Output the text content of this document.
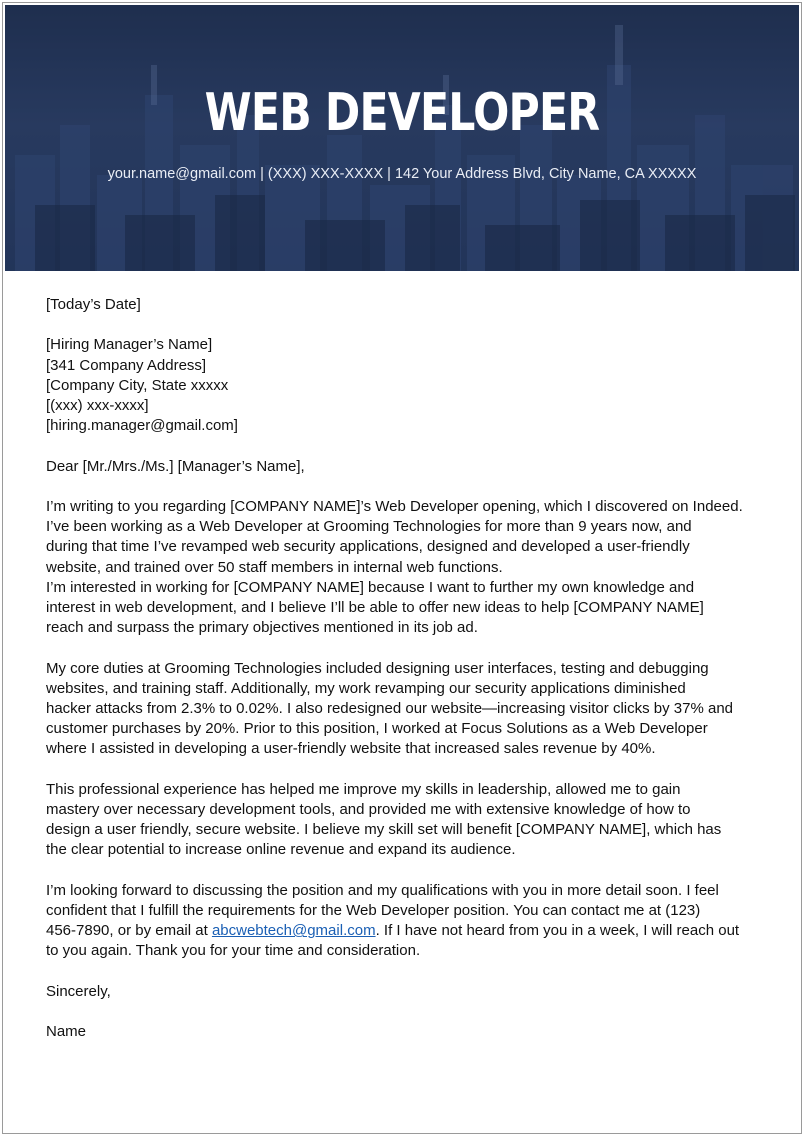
WEB DEVELOPER
your.name@gmail.com | (XXX) XXX-XXXX | 142 Your Address Blvd, City Name, CA XXXXX

[Today’s Date]

[Hiring Manager’s Name]
[341 Company Address]
[Company City, State xxxxx
[(xxx) xxx-xxxx]
[hiring.manager@gmail.com]

Dear [Mr./Mrs./Ms.] [Manager’s Name],

I’m writing to you regarding [COMPANY NAME]’s Web Developer opening, which I discovered on Indeed.
I’ve been working as a Web Developer at Grooming Technologies for more than 9 years now, and
during that time I’ve revamped web security applications, designed and developed a user-friendly
website, and trained over 50 staff members in internal web functions.
I’m interested in working for [COMPANY NAME] because I want to further my own knowledge and
interest in web development, and I believe I’ll be able to offer new ideas to help [COMPANY NAME]
reach and surpass the primary objectives mentioned in its job ad.

My core duties at Grooming Technologies included designing user interfaces, testing and debugging
websites, and training staff. Additionally, my work revamping our security applications diminished
hacker attacks from 2.3% to 0.02%. I also redesigned our website—increasing visitor clicks by 37% and
customer purchases by 20%. Prior to this position, I worked at Focus Solutions as a Web Developer
where I assisted in developing a user-friendly website that increased sales revenue by 40%.

This professional experience has helped me improve my skills in leadership, allowed me to gain
mastery over necessary development tools, and provided me with extensive knowledge of how to
design a user friendly, secure website. I believe my skill set will benefit [COMPANY NAME], which has
the clear potential to increase online revenue and expand its audience.

I’m looking forward to discussing the position and my qualifications with you in more detail soon. I feel
confident that I fulfill the requirements for the Web Developer position. You can contact me at (123)
456-7890, or by email at abcwebtech@gmail.com. If I have not heard from you in a week, I will reach out
to you again. Thank you for your time and consideration.

Sincerely,

Name
